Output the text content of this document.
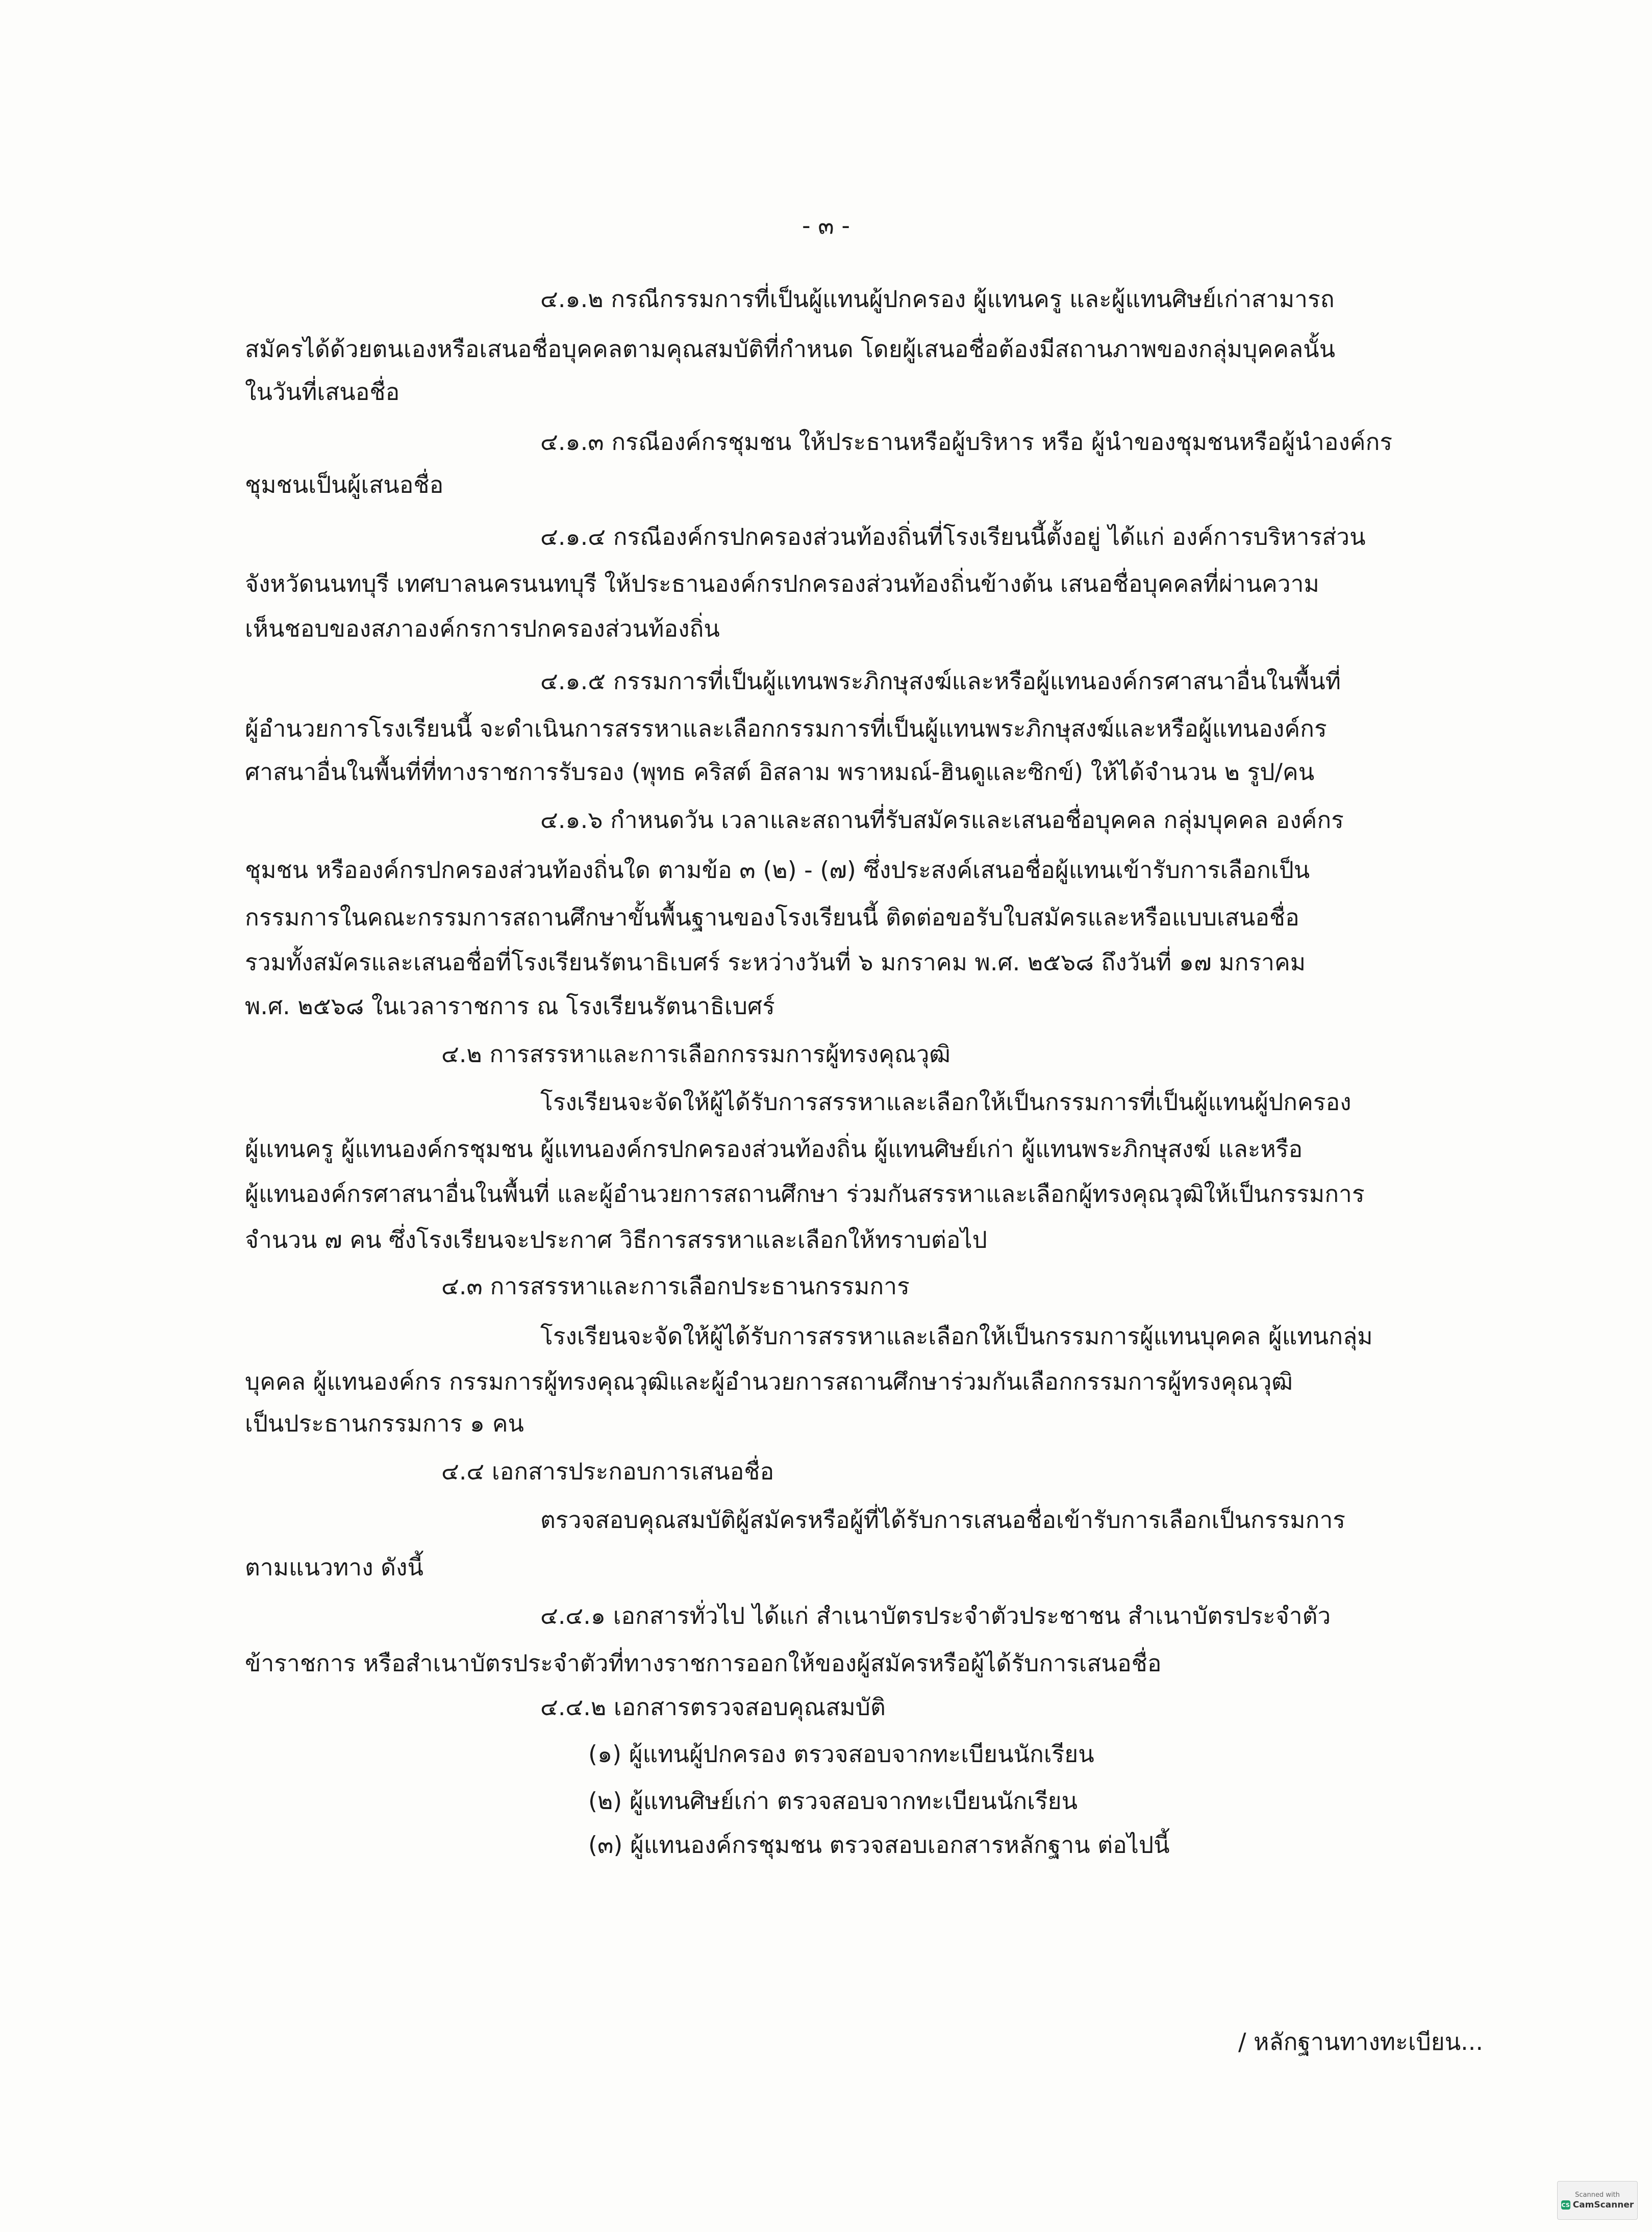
- ๓ -
๔.๑.๒ กรณีกรรมการที่เป็นผู้แทนผู้ปกครอง ผู้แทนครู และผู้แทนศิษย์เก่าสามารถ
สมัครได้ด้วยตนเองหรือเสนอชื่อบุคคลตามคุณสมบัติที่กำหนด โดยผู้เสนอชื่อต้องมีสถานภาพของกลุ่มบุคคลนั้น
ในวันที่เสนอชื่อ
๔.๑.๓ กรณีองค์กรชุมชน ให้ประธานหรือผู้บริหาร หรือ ผู้นำของชุมชนหรือผู้นำองค์กร
ชุมชนเป็นผู้เสนอชื่อ
๔.๑.๔ กรณีองค์กรปกครองส่วนท้องถิ่นที่โรงเรียนนี้ตั้งอยู่ ได้แก่ องค์การบริหารส่วน
จังหวัดนนทบุรี เทศบาลนครนนทบุรี ให้ประธานองค์กรปกครองส่วนท้องถิ่นข้างต้น เสนอชื่อบุคคลที่ผ่านความ
เห็นชอบของสภาองค์กรการปกครองส่วนท้องถิ่น
๔.๑.๕ กรรมการที่เป็นผู้แทนพระภิกษุสงฆ์และหรือผู้แทนองค์กรศาสนาอื่นในพื้นที่
ผู้อำนวยการโรงเรียนนี้ จะดำเนินการสรรหาและเลือกกรรมการที่เป็นผู้แทนพระภิกษุสงฆ์และหรือผู้แทนองค์กร
ศาสนาอื่นในพื้นที่ที่ทางราชการรับรอง (พุทธ คริสต์ อิสลาม พราหมณ์-ฮินดูและซิกข์) ให้ได้จำนวน ๒ รูป/คน
๔.๑.๖ กำหนดวัน เวลาและสถานที่รับสมัครและเสนอชื่อบุคคล กลุ่มบุคคล องค์กร
ชุมชน หรือองค์กรปกครองส่วนท้องถิ่นใด ตามข้อ ๓ (๒) - (๗) ซึ่งประสงค์เสนอชื่อผู้แทนเข้ารับการเลือกเป็น
กรรมการในคณะกรรมการสถานศึกษาขั้นพื้นฐานของโรงเรียนนี้ ติดต่อขอรับใบสมัครและหรือแบบเสนอชื่อ
รวมทั้งสมัครและเสนอชื่อที่โรงเรียนรัตนาธิเบศร์ ระหว่างวันที่ ๖ มกราคม พ.ศ. ๒๕๖๘ ถึงวันที่ ๑๗ มกราคม
พ.ศ. ๒๕๖๘ ในเวลาราชการ ณ โรงเรียนรัตนาธิเบศร์
๔.๒ การสรรหาและการเลือกกรรมการผู้ทรงคุณวุฒิ
โรงเรียนจะจัดให้ผู้ได้รับการสรรหาและเลือกให้เป็นกรรมการที่เป็นผู้แทนผู้ปกครอง
ผู้แทนครู ผู้แทนองค์กรชุมชน ผู้แทนองค์กรปกครองส่วนท้องถิ่น ผู้แทนศิษย์เก่า ผู้แทนพระภิกษุสงฆ์ และหรือ
ผู้แทนองค์กรศาสนาอื่นในพื้นที่ และผู้อำนวยการสถานศึกษา ร่วมกันสรรหาและเลือกผู้ทรงคุณวุฒิให้เป็นกรรมการ
จำนวน ๗ คน ซึ่งโรงเรียนจะประกาศ วิธีการสรรหาและเลือกให้ทราบต่อไป
๔.๓ การสรรหาและการเลือกประธานกรรมการ
โรงเรียนจะจัดให้ผู้ได้รับการสรรหาและเลือกให้เป็นกรรมการผู้แทนบุคคล ผู้แทนกลุ่ม
บุคคล ผู้แทนองค์กร กรรมการผู้ทรงคุณวุฒิและผู้อำนวยการสถานศึกษาร่วมกันเลือกกรรมการผู้ทรงคุณวุฒิ
เป็นประธานกรรมการ ๑ คน
๔.๔ เอกสารประกอบการเสนอชื่อ
ตรวจสอบคุณสมบัติผู้สมัครหรือผู้ที่ได้รับการเสนอชื่อเข้ารับการเลือกเป็นกรรมการ
ตามแนวทาง ดังนี้
๔.๔.๑ เอกสารทั่วไป ได้แก่ สำเนาบัตรประจำตัวประชาชน สำเนาบัตรประจำตัว
ข้าราชการ หรือสำเนาบัตรประจำตัวที่ทางราชการออกให้ของผู้สมัครหรือผู้ได้รับการเสนอชื่อ
๔.๔.๒ เอกสารตรวจสอบคุณสมบัติ
(๑) ผู้แทนผู้ปกครอง ตรวจสอบจากทะเบียนนักเรียน
(๒) ผู้แทนศิษย์เก่า ตรวจสอบจากทะเบียนนักเรียน
(๓) ผู้แทนองค์กรชุมชน ตรวจสอบเอกสารหลักฐาน ต่อไปนี้
/ หลักฐานทางทะเบียน...
Scanned with
CS CamScanner
